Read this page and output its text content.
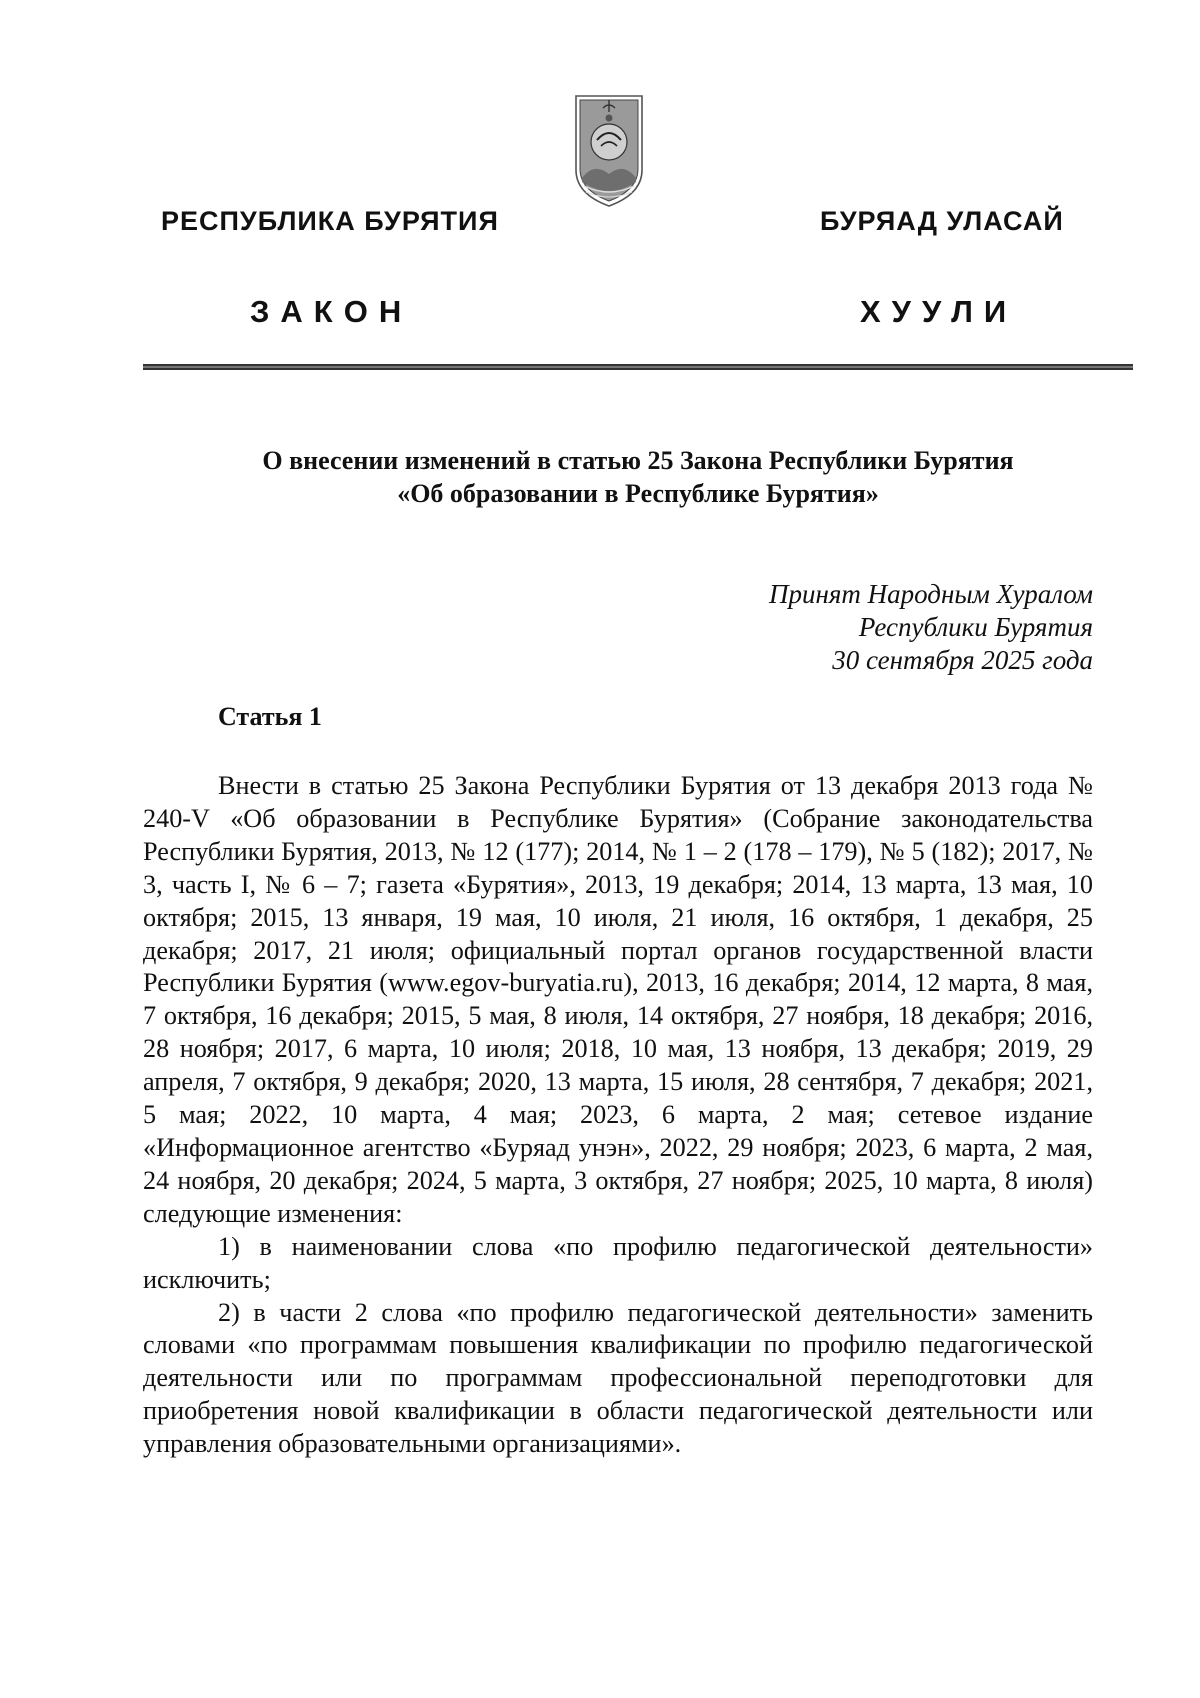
РЕСПУБЛИКА БУРЯТИЯ	БУРЯАД УЛАСАЙ
ЗАКОН	ХУУЛИ
О внесении изменений в статью 25 Закона Республики Бурятия
«Об образовании в Республике Бурятия»
Принят Народным Хуралом
Республики Бурятия
30 сентября 2025 года
Статья 1

Внести в статью 25 Закона Республики Бурятия от 13 декабря 2013 года № 240-V «Об образовании в Республике Бурятия» (Собрание законодательства Республики Бурятия, 2013, № 12 (177); 2014, № 1 – 2 (178 – 179), № 5 (182); 2017, № 3, часть I, № 6 – 7; газета «Бурятия», 2013, 19 декабря; 2014, 13 марта, 13 мая, 10 октября; 2015, 13 января, 19 мая, 10 июля, 21 июля, 16 октября, 1 декабря, 25 декабря; 2017, 21 июля; официальный портал органов государственной власти Республики Бурятия (www.egov-buryatia.ru), 2013, 16 декабря; 2014, 12 марта, 8 мая, 7 октября, 16 декабря; 2015, 5 мая, 8 июля, 14 октября, 27 ноября, 18 декабря; 2016, 28 ноября; 2017, 6 марта, 10 июля; 2018, 10 мая, 13 ноября, 13 декабря; 2019, 29 апреля, 7 октября, 9 декабря; 2020, 13 марта, 15 июля, 28 сентября, 7 декабря; 2021, 5 мая; 2022, 10 марта, 4 мая; 2023, 6 марта, 2 мая; сетевое издание «Информационное агентство «Буряад унэн», 2022, 29 ноября; 2023, 6 марта, 2 мая, 24 ноября, 20 декабря; 2024, 5 марта, 3 октября, 27 ноября; 2025, 10 марта, 8 июля) следующие изменения:

1) в наименовании слова «по профилю педагогической деятельности» исключить;

2) в части 2 слова «по профилю педагогической деятельности» заменить словами «по программам повышения квалификации по профилю педагогической деятельности или по программам профессиональной переподготовки для приобретения новой квалификации в области педагогической деятельности или управления образовательными организациями».
